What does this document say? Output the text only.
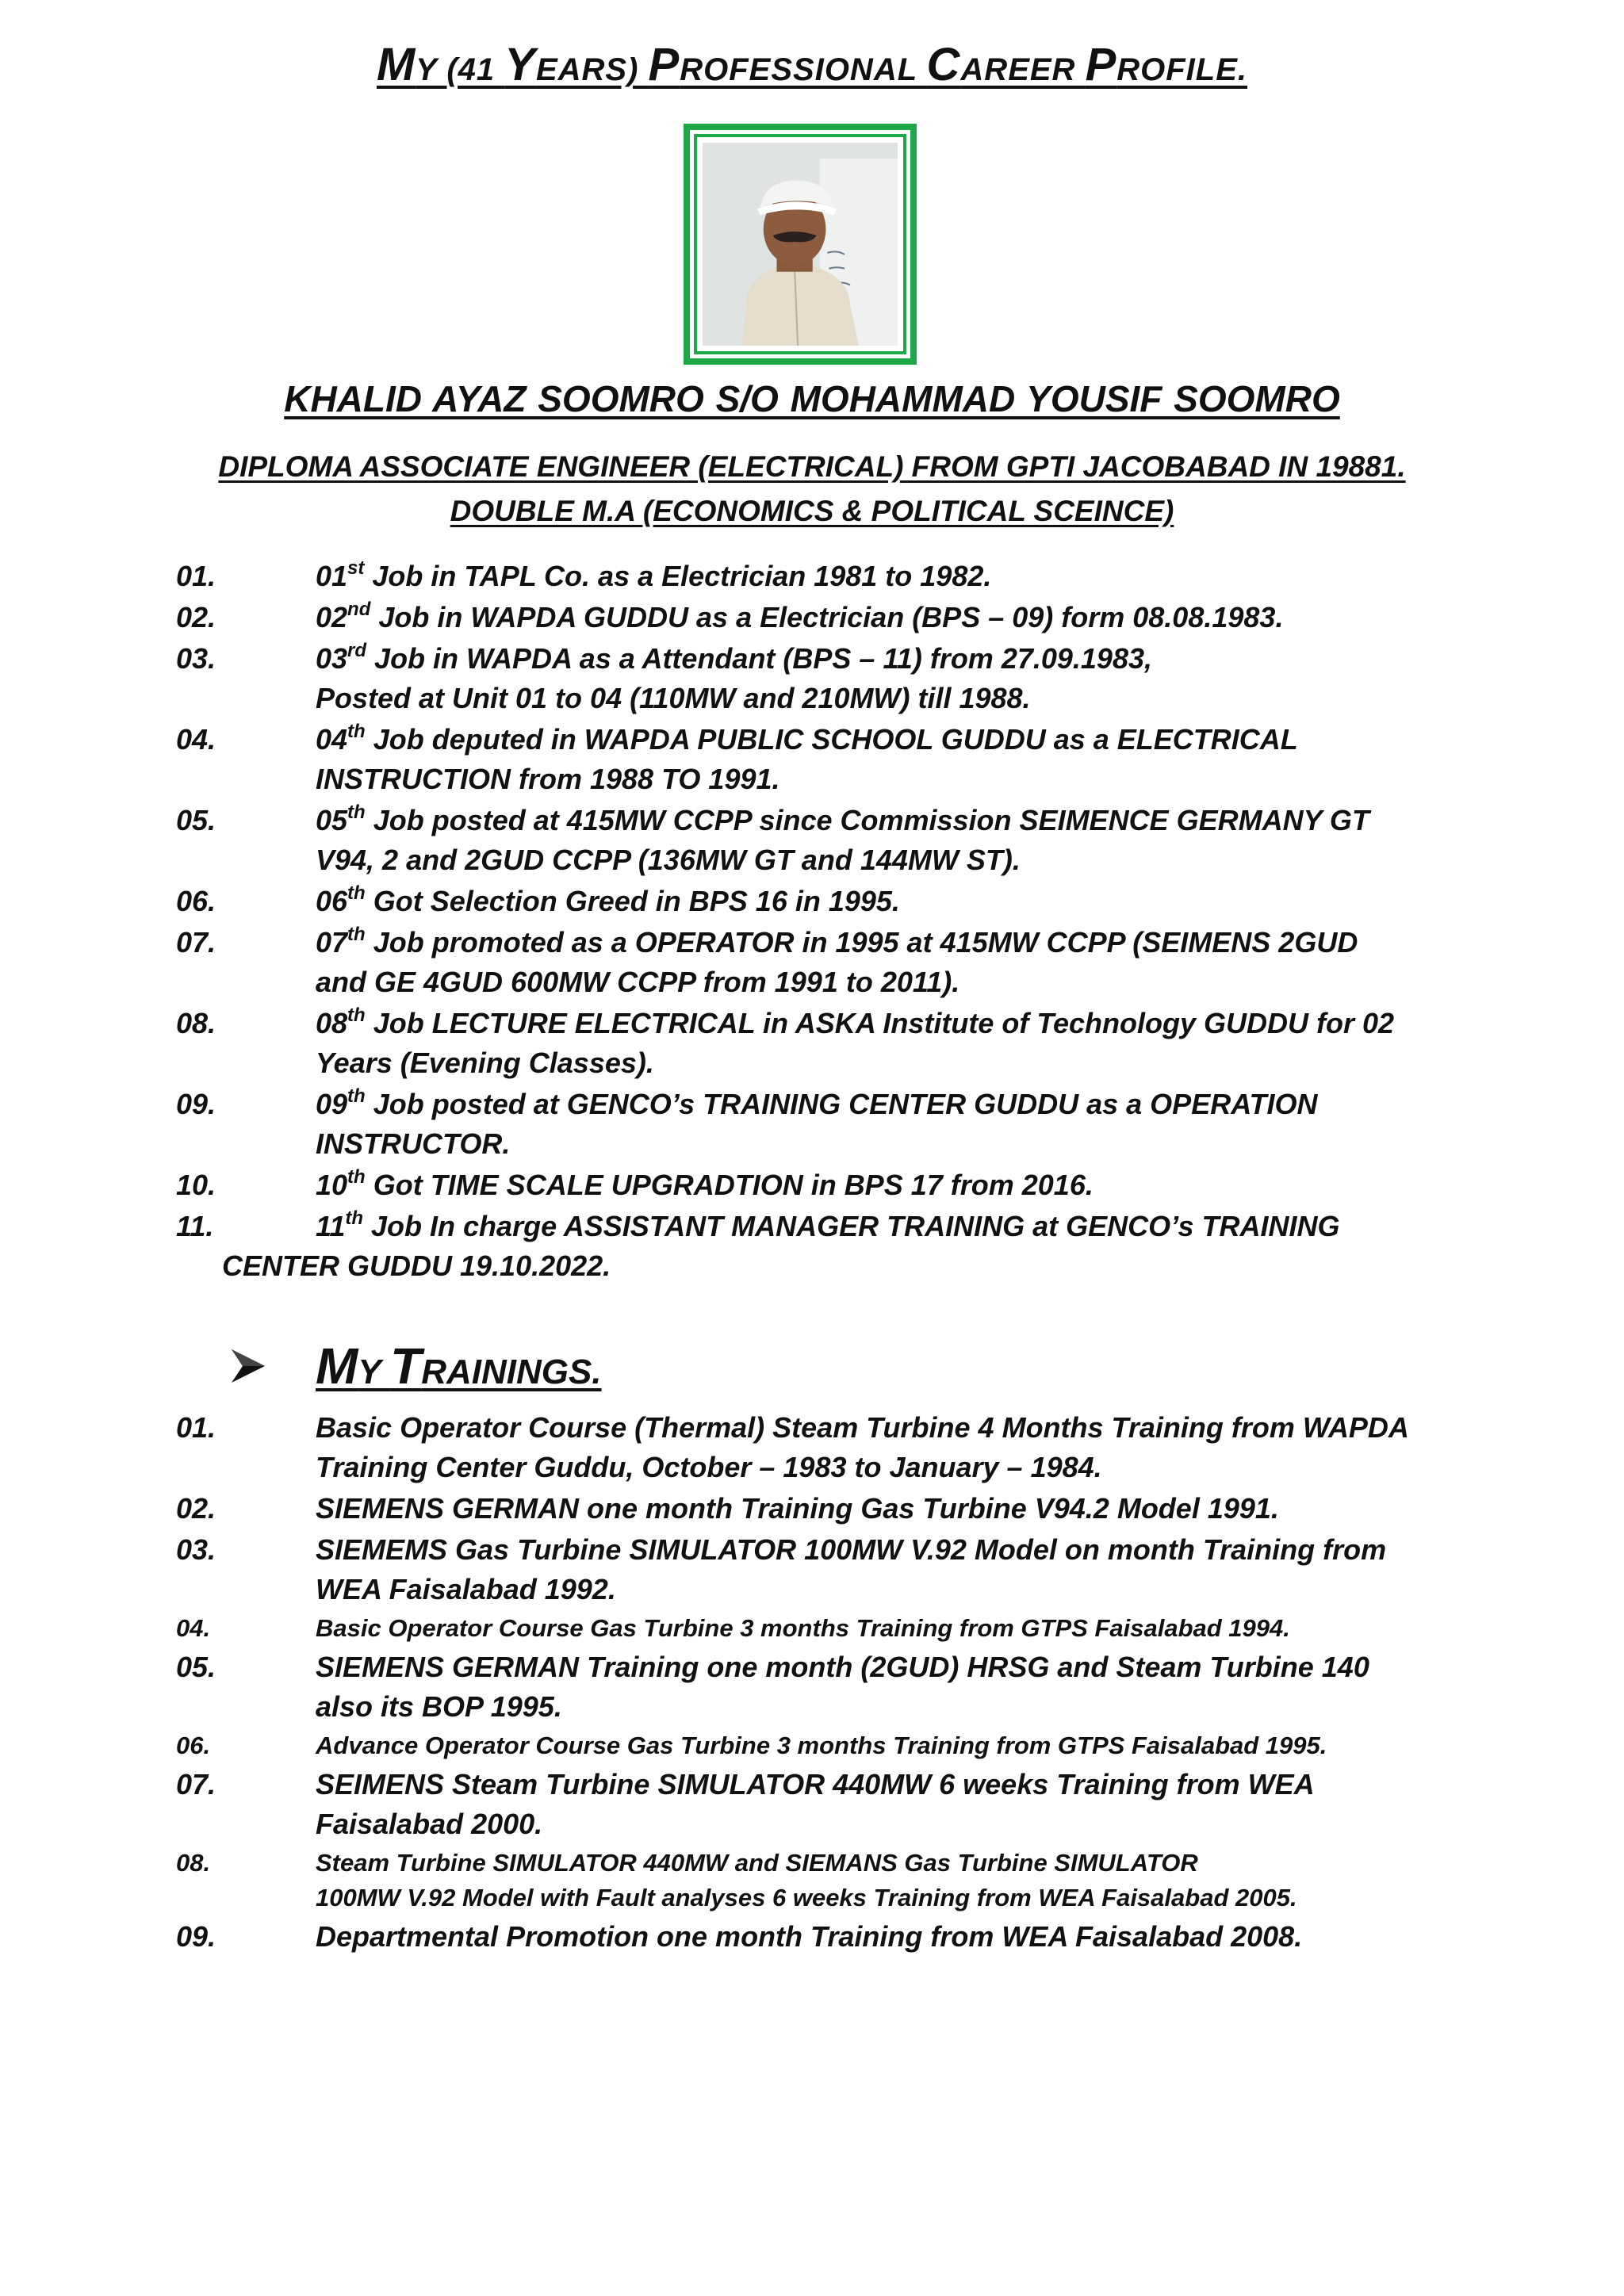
MY (41 YEARS) PROFESSIONAL CAREER PROFILE.
KHALID AYAZ SOOMRO S/O MOHAMMAD YOUSIF SOOMRO
DIPLOMA ASSOCIATE ENGINEER (ELECTRICAL) FROM GPTI JACOBABAD IN 19881.
DOUBLE M.A (ECONOMICS & POLITICAL SCEINCE)
01.	01st Job in TAPL Co. as a Electrician 1981 to 1982.
02.	02nd Job in WAPDA GUDDU as a Electrician (BPS – 09) form 08.08.1983.
03.	03rd Job in WAPDA as a Attendant (BPS – 11) from 27.09.1983,
Posted at Unit 01 to 04 (110MW and 210MW) till 1988.
04.	04th Job deputed in WAPDA PUBLIC SCHOOL GUDDU as a ELECTRICAL
INSTRUCTION from 1988 TO 1991.
05.	05th Job posted at 415MW CCPP since Commission SEIMENCE GERMANY GT
V94, 2 and 2GUD CCPP (136MW GT and 144MW ST).
06.	06th Got Selection Greed in BPS 16 in 1995.
07.	07th Job promoted as a OPERATOR in 1995 at 415MW CCPP (SEIMENS 2GUD
and GE 4GUD 600MW CCPP from 1991 to 2011).
08.	08th Job LECTURE ELECTRICAL in ASKA Institute of Technology GUDDU for 02
Years (Evening Classes).
09.	09th Job posted at GENCO’s TRAINING CENTER GUDDU as a OPERATION
INSTRUCTOR.
10.	10th Got TIME SCALE UPGRADTION in BPS 17 from 2016.
11.	11th Job In charge ASSISTANT MANAGER TRAINING at GENCO’s TRAINING
CENTER GUDDU 19.10.2022.
MY TRAININGS.
01.	Basic Operator Course (Thermal) Steam Turbine 4 Months Training from WAPDA
Training Center Guddu, October – 1983 to January – 1984.
02.	SIEMENS GERMAN one month Training Gas Turbine V94.2 Model 1991.
03.	SIEMEMS Gas Turbine SIMULATOR 100MW V.92 Model on month Training from
WEA Faisalabad 1992.
04.	Basic Operator Course Gas Turbine 3 months Training from GTPS Faisalabad 1994.
05.	SIEMENS GERMAN Training one month (2GUD) HRSG and Steam Turbine 140
also its BOP 1995.
06.	Advance Operator Course Gas Turbine 3 months Training from GTPS Faisalabad 1995.
07.	SEIMENS Steam Turbine SIMULATOR 440MW 6 weeks Training from WEA
Faisalabad 2000.
08.	Steam Turbine SIMULATOR 440MW and SIEMANS Gas Turbine SIMULATOR
100MW V.92 Model with Fault analyses 6 weeks Training from WEA Faisalabad 2005.
09.	Departmental Promotion one month Training from WEA Faisalabad 2008.
